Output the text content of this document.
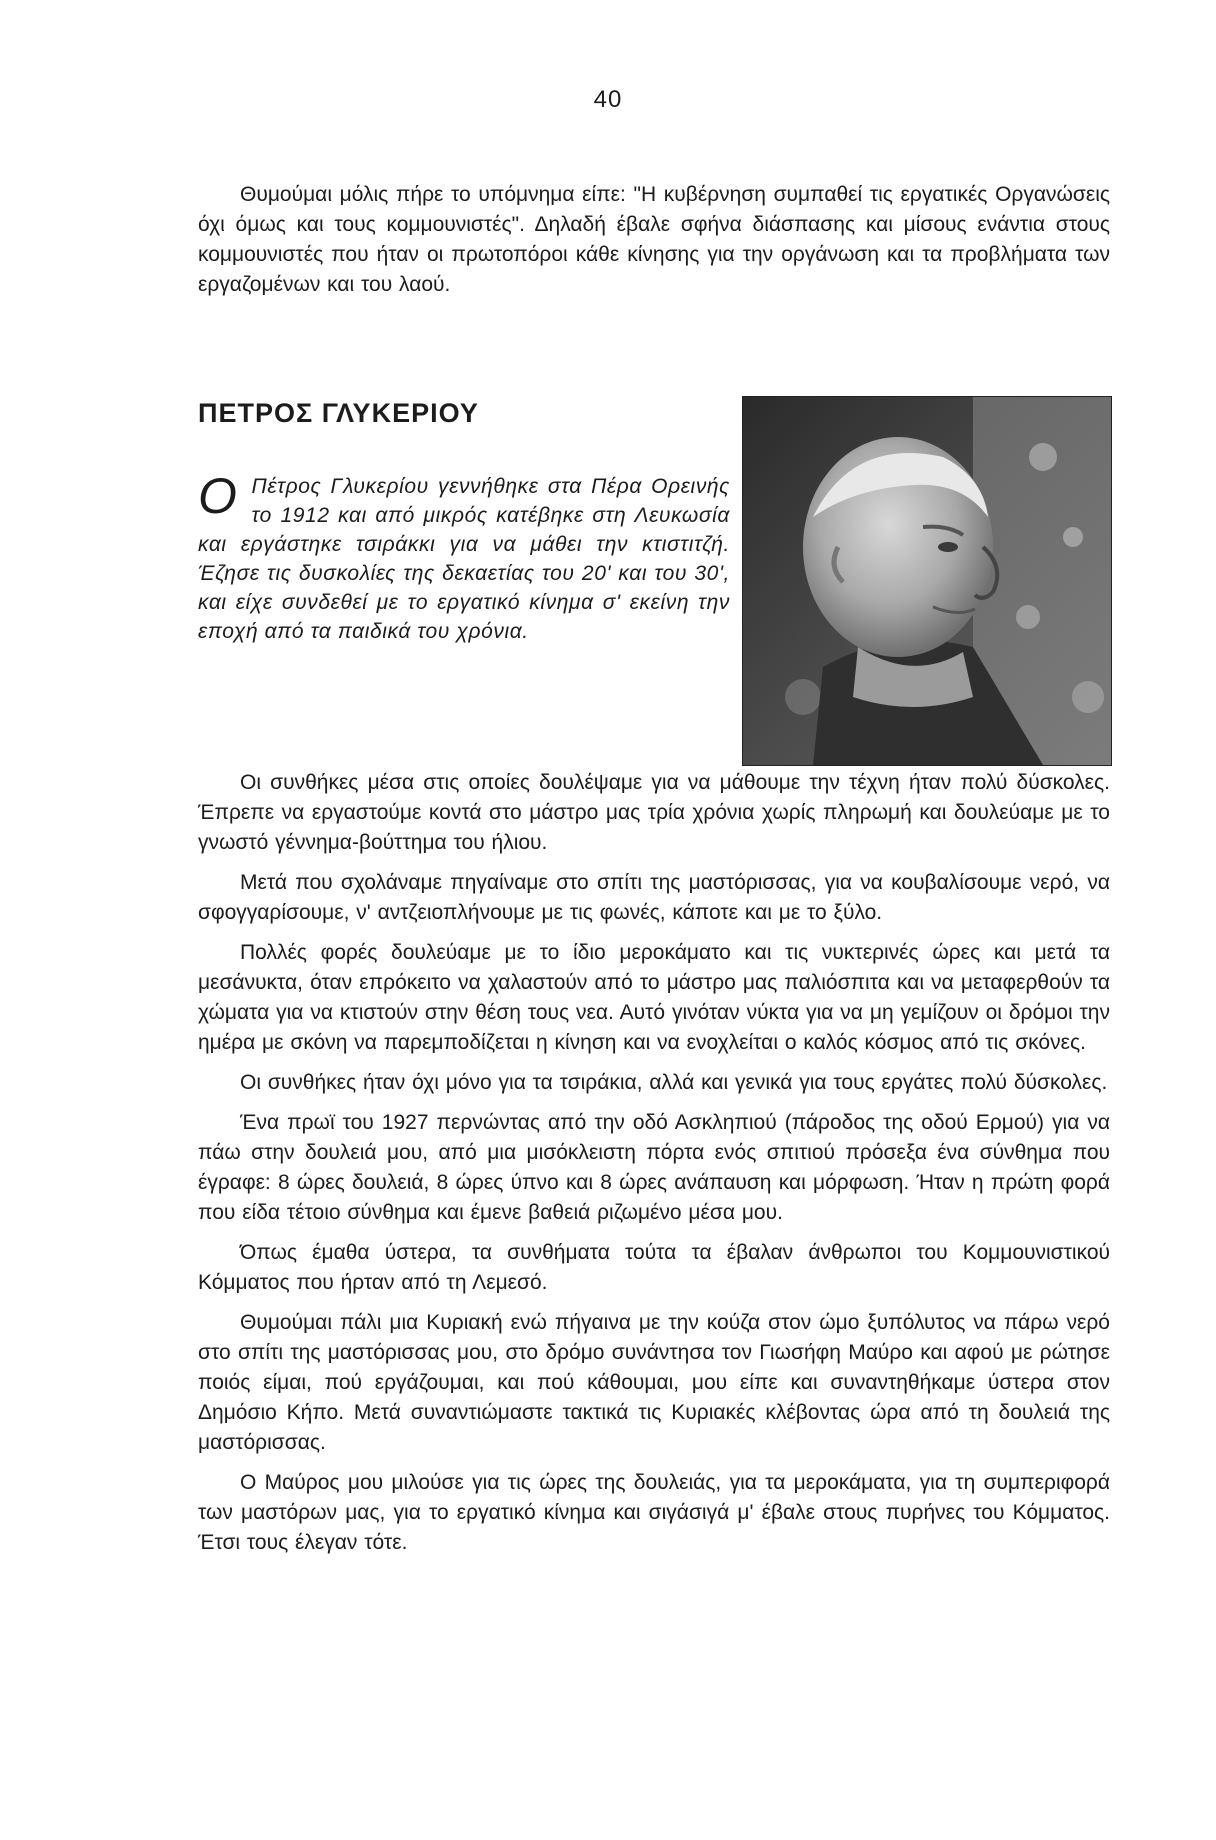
40

Θυμούμαι μόλις πήρε το υπόμνημα είπε: "Η κυβέρνηση συμπαθεί τις εργατικές Οργανώσεις όχι όμως και τους κομμουνιστές". Δηλαδή έβαλε σφήνα διάσπασης και μίσους ενάντια στους κομμουνιστές που ήταν οι πρωτοπόροι κάθε κίνησης για την οργάνωση και τα προβλήματα των εργαζομένων και του λαού.

ΠΕΤΡΟΣ ΓΛΥΚΕΡΙΟΥ
Ο Πέτρος Γλυκερίου γεννήθηκε στα Πέρα Ορεινής το 1912 και από μικρός κατέβηκε στη Λευκωσία και εργάστηκε τσιράκκι για να μάθει την κτιστιτζή. Έζησε τις δυσκολίες της δεκαετίας του 20' και του 30', και είχε συνδεθεί με το εργατικό κίνημα σ' εκείνη την εποχή από τα παιδικά του χρόνια.

Οι συνθήκες μέσα στις οποίες δουλέψαμε για να μάθουμε την τέχνη ήταν πολύ δύσκολες. Έπρεπε να εργαστούμε κοντά στο μάστρο μας τρία χρόνια χωρίς πληρωμή και δουλεύαμε με το γνωστό γέννημα-βούττημα του ήλιου.

Μετά που σχολάναμε πηγαίναμε στο σπίτι της μαστόρισσας, για να κουβαλίσουμε νερό, να σφογγαρίσουμε, ν' αντζειοπλήνουμε με τις φωνές, κάποτε και με το ξύλο.

Πολλές φορές δουλεύαμε με το ίδιο μεροκάματο και τις νυκτερινές ώρες και μετά τα μεσάνυκτα, όταν επρόκειτο να χαλαστούν από το μάστρο μας παλιόσπιτα και να μεταφερθούν τα χώματα για να κτιστούν στην θέση τους νεα. Αυτό γινόταν νύκτα για να μη γεμίζουν οι δρόμοι την ημέρα με σκόνη να παρεμποδίζεται η κίνηση και να ενοχλείται ο καλός κόσμος από τις σκόνες.

Οι συνθήκες ήταν όχι μόνο για τα τσιράκια, αλλά και γενικά για τους εργάτες πολύ δύσκολες.

Ένα πρωϊ του 1927 περνώντας από την οδό Ασκληπιού (πάροδος της οδού Ερμού) για να πάω στην δουλειά μου, από μια μισόκλειστη πόρτα ενός σπιτιού πρόσεξα ένα σύνθημα που έγραφε: 8 ώρες δουλειά, 8 ώρες ύπνο και 8 ώρες ανάπαυση και μόρφωση. Ήταν η πρώτη φορά που είδα τέτοιο σύνθημα και έμενε βαθειά ριζωμένο μέσα μου.

Όπως έμαθα ύστερα, τα συνθήματα τούτα τα έβαλαν άνθρωποι του Κομμουνιστικού Κόμματος που ήρταν από τη Λεμεσό.

Θυμούμαι πάλι μια Κυριακή ενώ πήγαινα με την κούζα στον ώμο ξυπόλυτος να πάρω νερό στο σπίτι της μαστόρισσας μου, στο δρόμο συνάντησα τον Γιωσήφη Μαύρο και αφού με ρώτησε ποιός είμαι, πού εργάζουμαι, και πού κάθουμαι, μου είπε και συναντηθήκαμε ύστερα στον Δημόσιο Κήπο. Μετά συναντιώμαστε τακτικά τις Κυριακές κλέβοντας ώρα από τη δουλειά της μαστόρισσας.

Ο Μαύρος μου μιλούσε για τις ώρες της δουλειάς, για τα μεροκάματα, για τη συμπεριφορά των μαστόρων μας, για το εργατικό κίνημα και σιγάσιγά μ' έβαλε στους πυρήνες του Κόμματος. Έτσι τους έλεγαν τότε.
